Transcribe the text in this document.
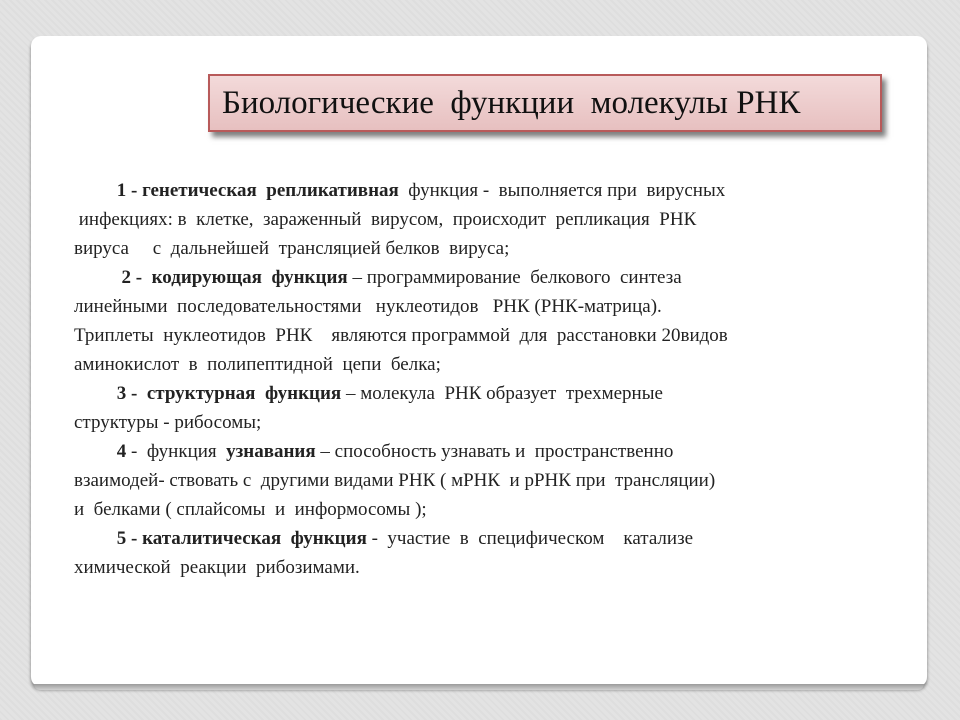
Биологические  функции  молекулы РНК
1 - генетическая  репликативная  функция -  выполняется при  вирусных
инфекциях: в  клетке,  зараженный  вирусом,  происходит  репликация  РНК
вируса     с  дальнейшей  трансляцией белков  вируса;
2 -  кодирующая  функция – программирование  белкового  синтеза
линейными  последовательностями   нуклеотидов   РНК (РНК-матрица).
Триплеты  нуклеотидов  РНК    являются программой  для  расстановки 20видов
аминокислот  в  полипептидной  цепи  белка;
3 -  структурная  функция – молекула  РНК образует  трехмерные
структуры - рибосомы;
4 -  функция  узнавания – способность узнавать и  пространственно
взаимодей- ствовать с  другими видами РНК ( мРНК  и рРНК при  трансляции)
и  белками ( сплайсомы  и  информосомы );
5 - каталитическая  функция -  участие  в  специфическом    катализе
химической  реакции  рибозимами.
